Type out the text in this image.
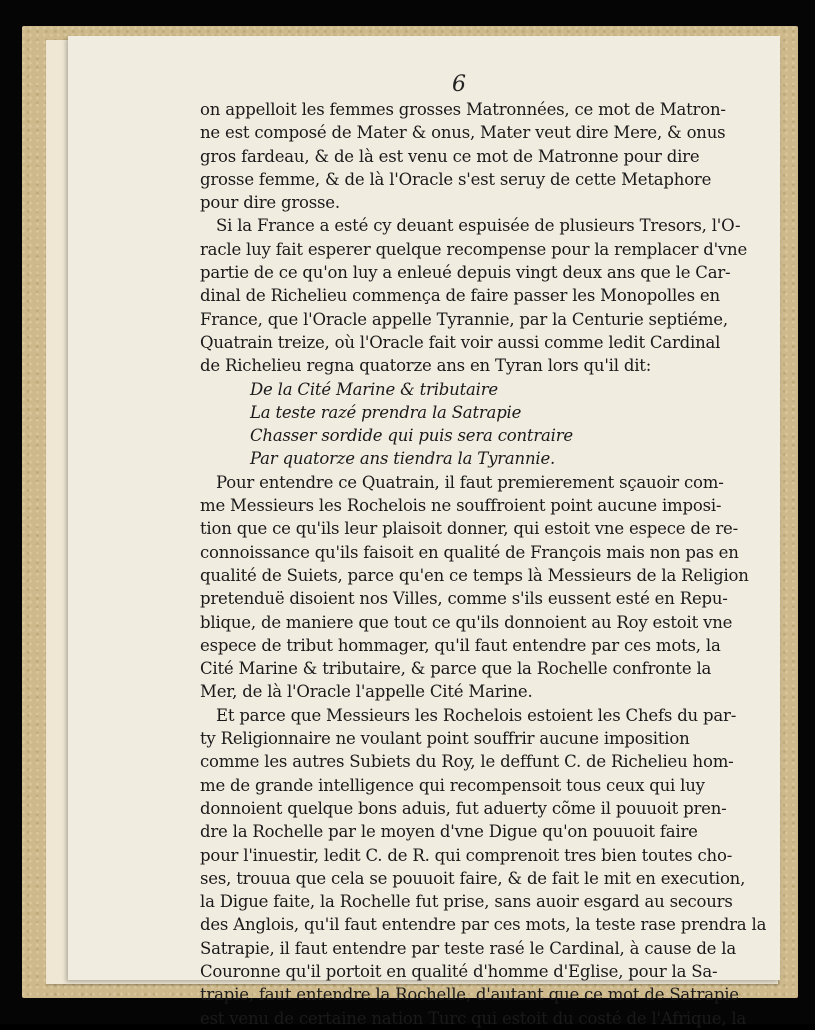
6
on appelloit les femmes grosses Matronnées, ce mot de Matron-
ne est composé de Mater & onus, Mater veut dire Mere, & onus
gros fardeau, & de là est venu ce mot de Matronne pour dire
grosse femme, & de là l'Oracle s'est seruy de cette Metaphore
pour dire grosse.
Si la France a esté cy deuant espuisée de plusieurs Tresors, l'O-
racle luy fait esperer quelque recompense pour la remplacer d'vne
partie de ce qu'on luy a enleué depuis vingt deux ans que le Car-
dinal de Richelieu commença de faire passer les Monopolles en
France, que l'Oracle appelle Tyrannie, par la Centurie septiéme,
Quatrain treize, où l'Oracle fait voir aussi comme ledit Cardinal
de Richelieu regna quatorze ans en Tyran lors qu'il dit:
De la Cité Marine & tributaire
La teste razé prendra la Satrapie
Chasser sordide qui puis sera contraire
Par quatorze ans tiendra la Tyrannie.
Pour entendre ce Quatrain, il faut premierement sçauoir com-
me Messieurs les Rochelois ne souffroient point aucune imposi-
tion que ce qu'ils leur plaisoit donner, qui estoit vne espece de re-
connoissance qu'ils faisoit en qualité de François mais non pas en
qualité de Suiets, parce qu'en ce temps là Messieurs de la Religion
pretenduë disoient nos Villes, comme s'ils eussent esté en Repu-
blique, de maniere que tout ce qu'ils donnoient au Roy estoit vne
espece de tribut hommager, qu'il faut entendre par ces mots, la
Cité Marine & tributaire, & parce que la Rochelle confronte la
Mer, de là l'Oracle l'appelle Cité Marine.
Et parce que Messieurs les Rochelois estoient les Chefs du par-
ty Religionnaire ne voulant point souffrir aucune imposition
comme les autres Subiets du Roy, le deffunt C. de Richelieu hom-
me de grande intelligence qui recompensoit tous ceux qui luy
donnoient quelque bons aduis, fut aduerty cõme il pouuoit pren-
dre la Rochelle par le moyen d'vne Digue qu'on pouuoit faire
pour l'inuestir, ledit C. de R. qui comprenoit tres bien toutes cho-
ses, trouua que cela se pouuoit faire, & de fait le mit en execution,
la Digue faite, la Rochelle fut prise, sans auoir esgard au secours
des Anglois, qu'il faut entendre par ces mots, la teste rase prendra la
Satrapie, il faut entendre par teste rasé le Cardinal, à cause de la
Couronne qu'il portoit en qualité d'homme d'Eglise, pour la Sa-
trapie, faut entendre la Rochelle, d'autant que ce mot de Satrapie
est venu de certaine nation Turc qui estoit du costé de l'Afrique, la
